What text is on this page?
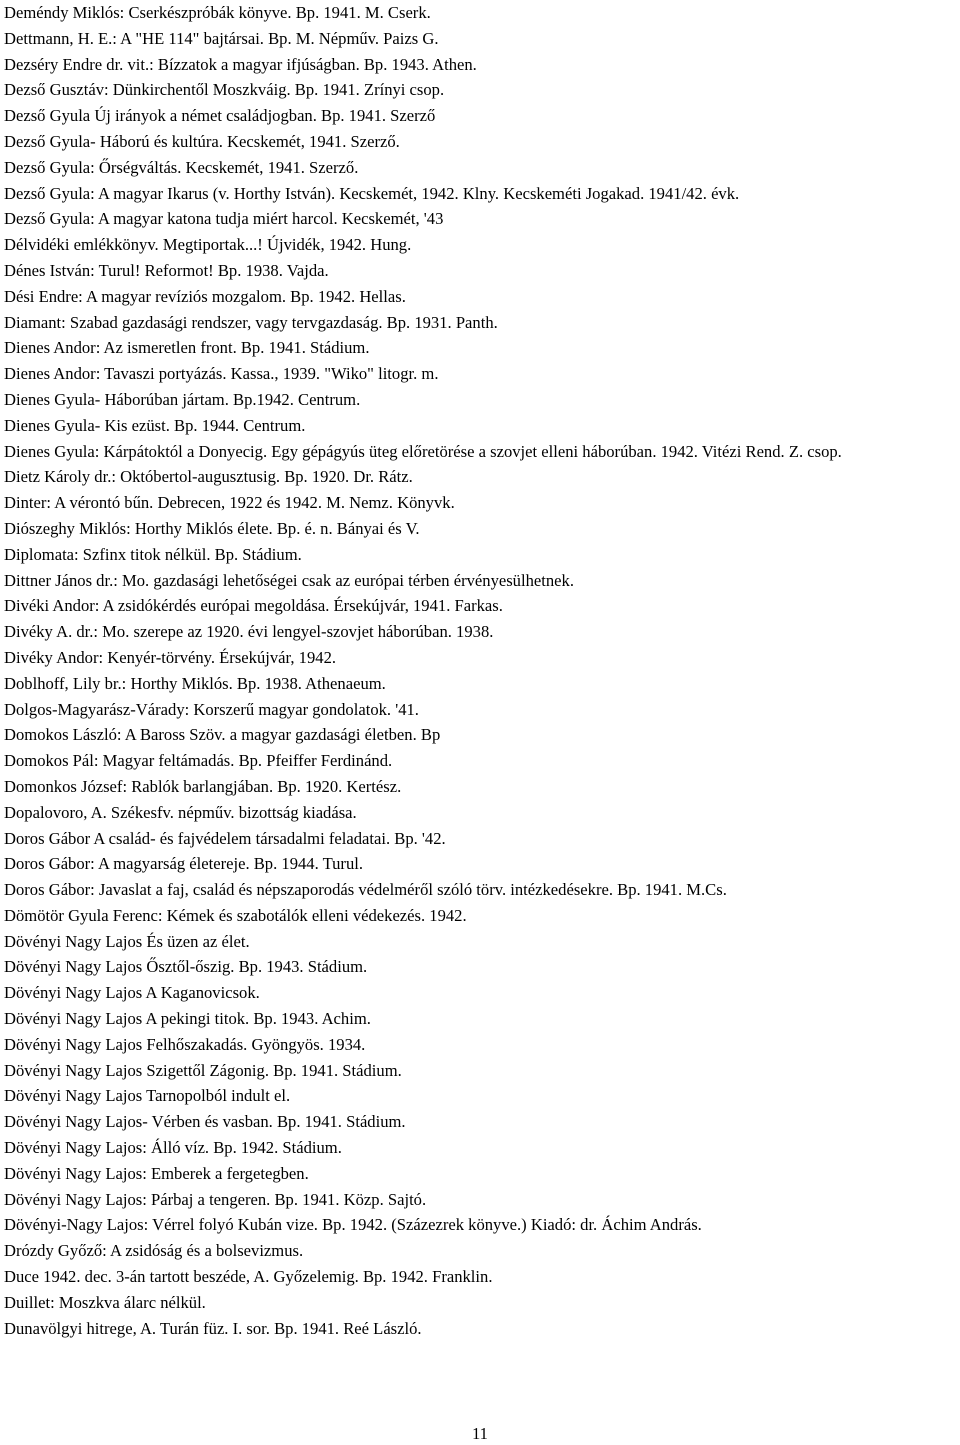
Deméndy Miklós: Cserkészpróbák könyve. Bp. 1941. M. Cserk.
Dettmann, H. E.: A "HE 114" bajtársai. Bp. M. Népműv. Paizs G.
Dezséry Endre dr. vit.: Bízzatok a magyar ifjúságban. Bp. 1943. Athen.
Dezső Gusztáv: Dünkirchentől Moszkváig. Bp. 1941. Zrínyi csop.
Dezső Gyula Új irányok a német családjogban. Bp. 1941. Szerző
Dezső Gyula- Háború és kultúra. Kecskemét, 1941. Szerző.
Dezső Gyula: Őrségváltás. Kecskemét, 1941. Szerző.
Dezső Gyula: A magyar Ikarus (v. Horthy István). Kecskemét, 1942. Klny. Kecskeméti Jogakad. 1941/42. évk.
Dezső Gyula: A magyar katona tudja miért harcol. Kecskemét, '43
Délvidéki emlékkönyv. Megtiportak...! Újvidék, 1942. Hung.
Dénes István: Turul! Reformot! Bp. 1938. Vajda.
Dési Endre: A magyar revíziós mozgalom. Bp. 1942. Hellas.
Diamant: Szabad gazdasági rendszer, vagy tervgazdaság. Bp. 1931. Panth.
Dienes Andor: Az ismeretlen front. Bp. 1941. Stádium.
Dienes Andor: Tavaszi portyázás. Kassa., 1939. "Wiko" litogr. m.
Dienes Gyula- Háborúban jártam. Bp.1942. Centrum.
Dienes Gyula- Kis ezüst. Bp. 1944. Centrum.
Dienes Gyula: Kárpátoktól a Donyecig. Egy gépágyús üteg előretörése a szovjet elleni háborúban. 1942. Vitézi Rend. Z. csop.
Dietz Károly dr.: Októbertol-augusztusig. Bp. 1920. Dr. Rátz.
Dinter: A vérontó bűn. Debrecen, 1922 és 1942. M. Nemz. Könyvk.
Diószeghy Miklós: Horthy Miklós élete. Bp. é. n. Bányai és V.
Diplomata: Szfinx titok nélkül. Bp. Stádium.
Dittner János dr.: Mo. gazdasági lehetőségei csak az európai térben érvényesülhetnek.
Divéki Andor: A zsidókérdés európai megoldása. Érsekújvár, 1941. Farkas.
Divéky A. dr.: Mo. szerepe az 1920. évi lengyel-szovjet háborúban. 1938.
Divéky Andor: Kenyér-törvény. Érsekújvár, 1942.
Doblhoff, Lily br.: Horthy Miklós. Bp. 1938. Athenaeum.
Dolgos-Magyarász-Várady: Korszerű magyar gondolatok. '41.
Domokos László: A Baross Szöv. a magyar gazdasági életben. Bp
Domokos Pál: Magyar feltámadás. Bp. Pfeiffer Ferdinánd.
Domonkos József: Rablók barlangjában. Bp. 1920. Kertész.
Dopalovoro, A. Székesfv. népműv. bizottság kiadása.
Doros Gábor A család- és fajvédelem társadalmi feladatai. Bp. '42.
Doros Gábor: A magyarság életereje. Bp. 1944. Turul.
Doros Gábor: Javaslat a faj, család és népszaporodás védelméről szóló törv. intézkedésekre. Bp. 1941. M.Cs.
Dömötör Gyula Ferenc: Kémek és szabotálók elleni védekezés. 1942.
Dövényi Nagy Lajos És üzen az élet.
Dövényi Nagy Lajos Ősztől-őszig. Bp. 1943. Stádium.
Dövényi Nagy Lajos A Kaganovicsok.
Dövényi Nagy Lajos A pekingi titok. Bp. 1943. Achim.
Dövényi Nagy Lajos Felhőszakadás. Gyöngyös. 1934.
Dövényi Nagy Lajos Szigettől Zágonig. Bp. 1941. Stádium.
Dövényi Nagy Lajos Tarnopolból indult el.
Dövényi Nagy Lajos- Vérben és vasban. Bp. 1941. Stádium.
Dövényi Nagy Lajos: Álló víz. Bp. 1942. Stádium.
Dövényi Nagy Lajos: Emberek a fergetegben.
Dövényi Nagy Lajos: Párbaj a tengeren. Bp. 1941. Közp. Sajtó.
Dövényi-Nagy Lajos: Vérrel folyó Kubán vize. Bp. 1942. (Százezrek könyve.) Kiadó: dr. Áchim András.
Drózdy Győző: A zsidóság és a bolsevizmus.
Duce 1942. dec. 3-án tartott beszéde, A. Győzelemig. Bp. 1942. Franklin.
Duillet: Moszkva álarc nélkül.
Dunavölgyi hitrege, A. Turán füz. I. sor. Bp. 1941. Reé László.
11
